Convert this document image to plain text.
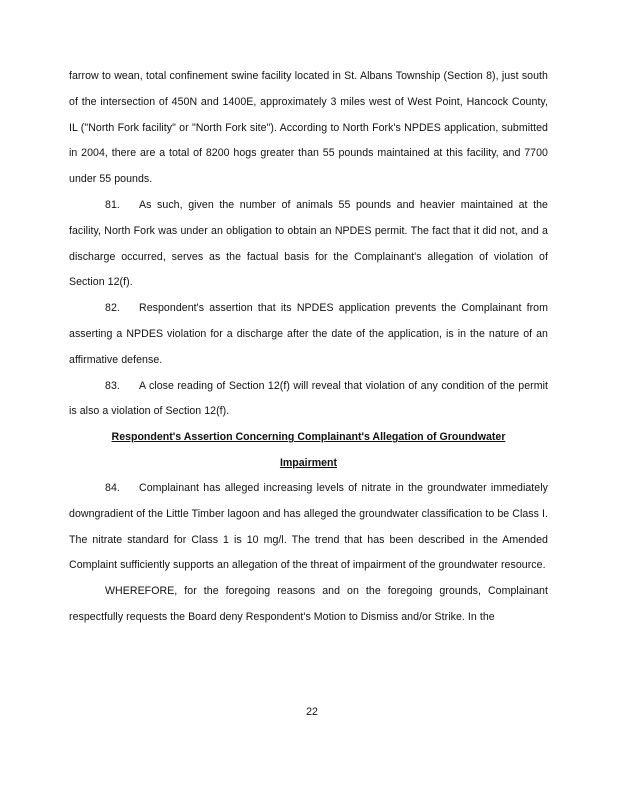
farrow to wean, total confinement swine facility located in St. Albans Township (Section 8), just south of the intersection of 450N and 1400E, approximately 3 miles west of West Point, Hancock County, IL ("North Fork facility" or "North Fork site"). According to North Fork's NPDES application, submitted in 2004, there are a total of 8200 hogs greater than 55 pounds maintained at this facility, and 7700 under 55 pounds.

81. As such, given the number of animals 55 pounds and heavier maintained at the facility, North Fork was under an obligation to obtain an NPDES permit. The fact that it did not, and a discharge occurred, serves as the factual basis for the Complainant's allegation of violation of Section 12(f).

82. Respondent's assertion that its NPDES application prevents the Complainant from asserting a NPDES violation for a discharge after the date of the application, is in the nature of an affirmative defense.

83. A close reading of Section 12(f) will reveal that violation of any condition of the permit is also a violation of Section 12(f).

Respondent's Assertion Concerning Complainant's Allegation of Groundwater
Impairment

84. Complainant has alleged increasing levels of nitrate in the groundwater immediately downgradient of the Little Timber lagoon and has alleged the groundwater classification to be Class I. The nitrate standard for Class 1 is 10 mg/l. The trend that has been described in the Amended Complaint sufficiently supports an allegation of the threat of impairment of the groundwater resource.

WHEREFORE, for the foregoing reasons and on the foregoing grounds, Complainant respectfully requests the Board deny Respondent's Motion to Dismiss and/or Strike. In the

22
